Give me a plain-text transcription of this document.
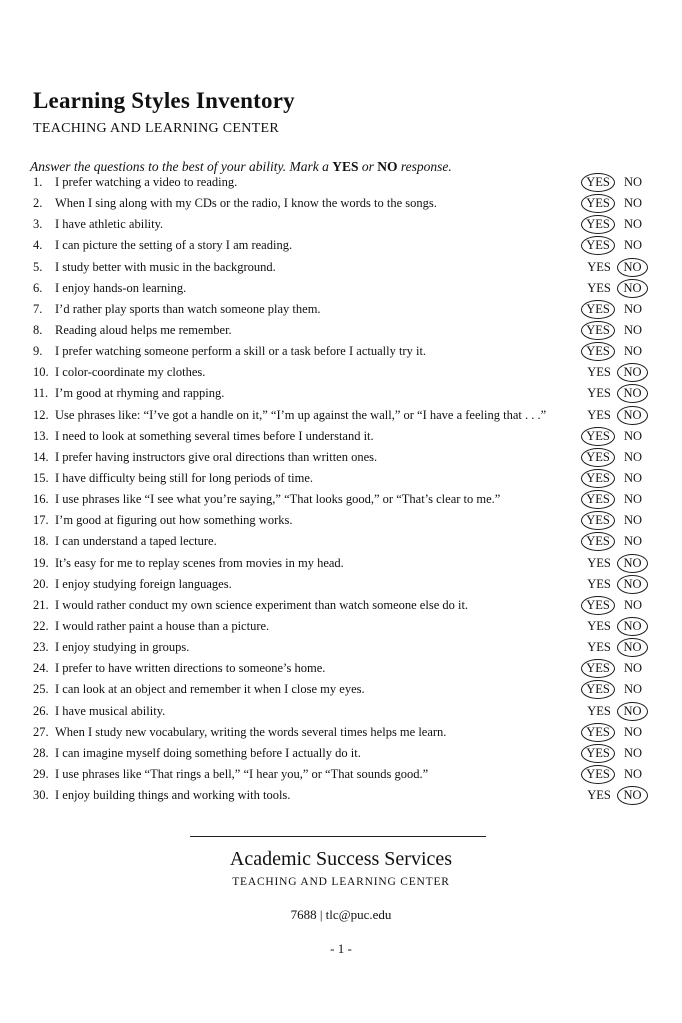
Learning Styles Inventory
TEACHING AND LEARNING CENTER
Answer the questions to the best of your ability. Mark a YES or NO response.
1.	I prefer watching a video to reading.	YES	NO
2.	When I sing along with my CDs or the radio, I know the words to the songs.	YES	NO
3.	I have athletic ability.	YES	NO
4.	I can picture the setting of a story I am reading.	YES	NO
5.	I study better with music in the background.	YES	NO
6.	I enjoy hands-on learning.	YES	NO
7.	I’d rather play sports than watch someone play them.	YES	NO
8.	Reading aloud helps me remember.	YES	NO
9.	I prefer watching someone perform a skill or a task before I actually try it.	YES	NO
10. I color-coordinate my clothes.	YES	NO
11. I’m good at rhyming and rapping.	YES	NO
12. Use phrases like: “I’ve got a handle on it,” “I’m up against the wall,” or “I have a feeling that . . .”	YES	NO
13. I need to look at something several times before I understand it.	YES	NO
14. I prefer having instructors give oral directions than written ones.	YES	NO
15. I have difficulty being still for long periods of time.	YES	NO
16. I use phrases like “I see what you’re saying,” “That looks good,” or “That’s clear to me.”	YES	NO
17. I’m good at figuring out how something works.	YES	NO
18. I can understand a taped lecture.	YES	NO
19. It’s easy for me to replay scenes from movies in my head.	YES	NO
20. I enjoy studying foreign languages.	YES	NO
21. I would rather conduct my own science experiment than watch someone else do it.	YES	NO
22. I would rather paint a house than a picture.	YES	NO
23. I enjoy studying in groups.	YES	NO
24. I prefer to have written directions to someone’s home.	YES	NO
25. I can look at an object and remember it when I close my eyes.	YES	NO
26. I have musical ability.	YES	NO
27. When I study new vocabulary, writing the words several times helps me learn.	YES	NO
28. I can imagine myself doing something before I actually do it.	YES	NO
29. I use phrases like “That rings a bell,” “I hear you,” or “That sounds good.”	YES	NO
30. I enjoy building things and working with tools.	YES	NO
Academic Success Services
TEACHING AND LEARNING CENTER
7688 | tlc@puc.edu
- 1 -
